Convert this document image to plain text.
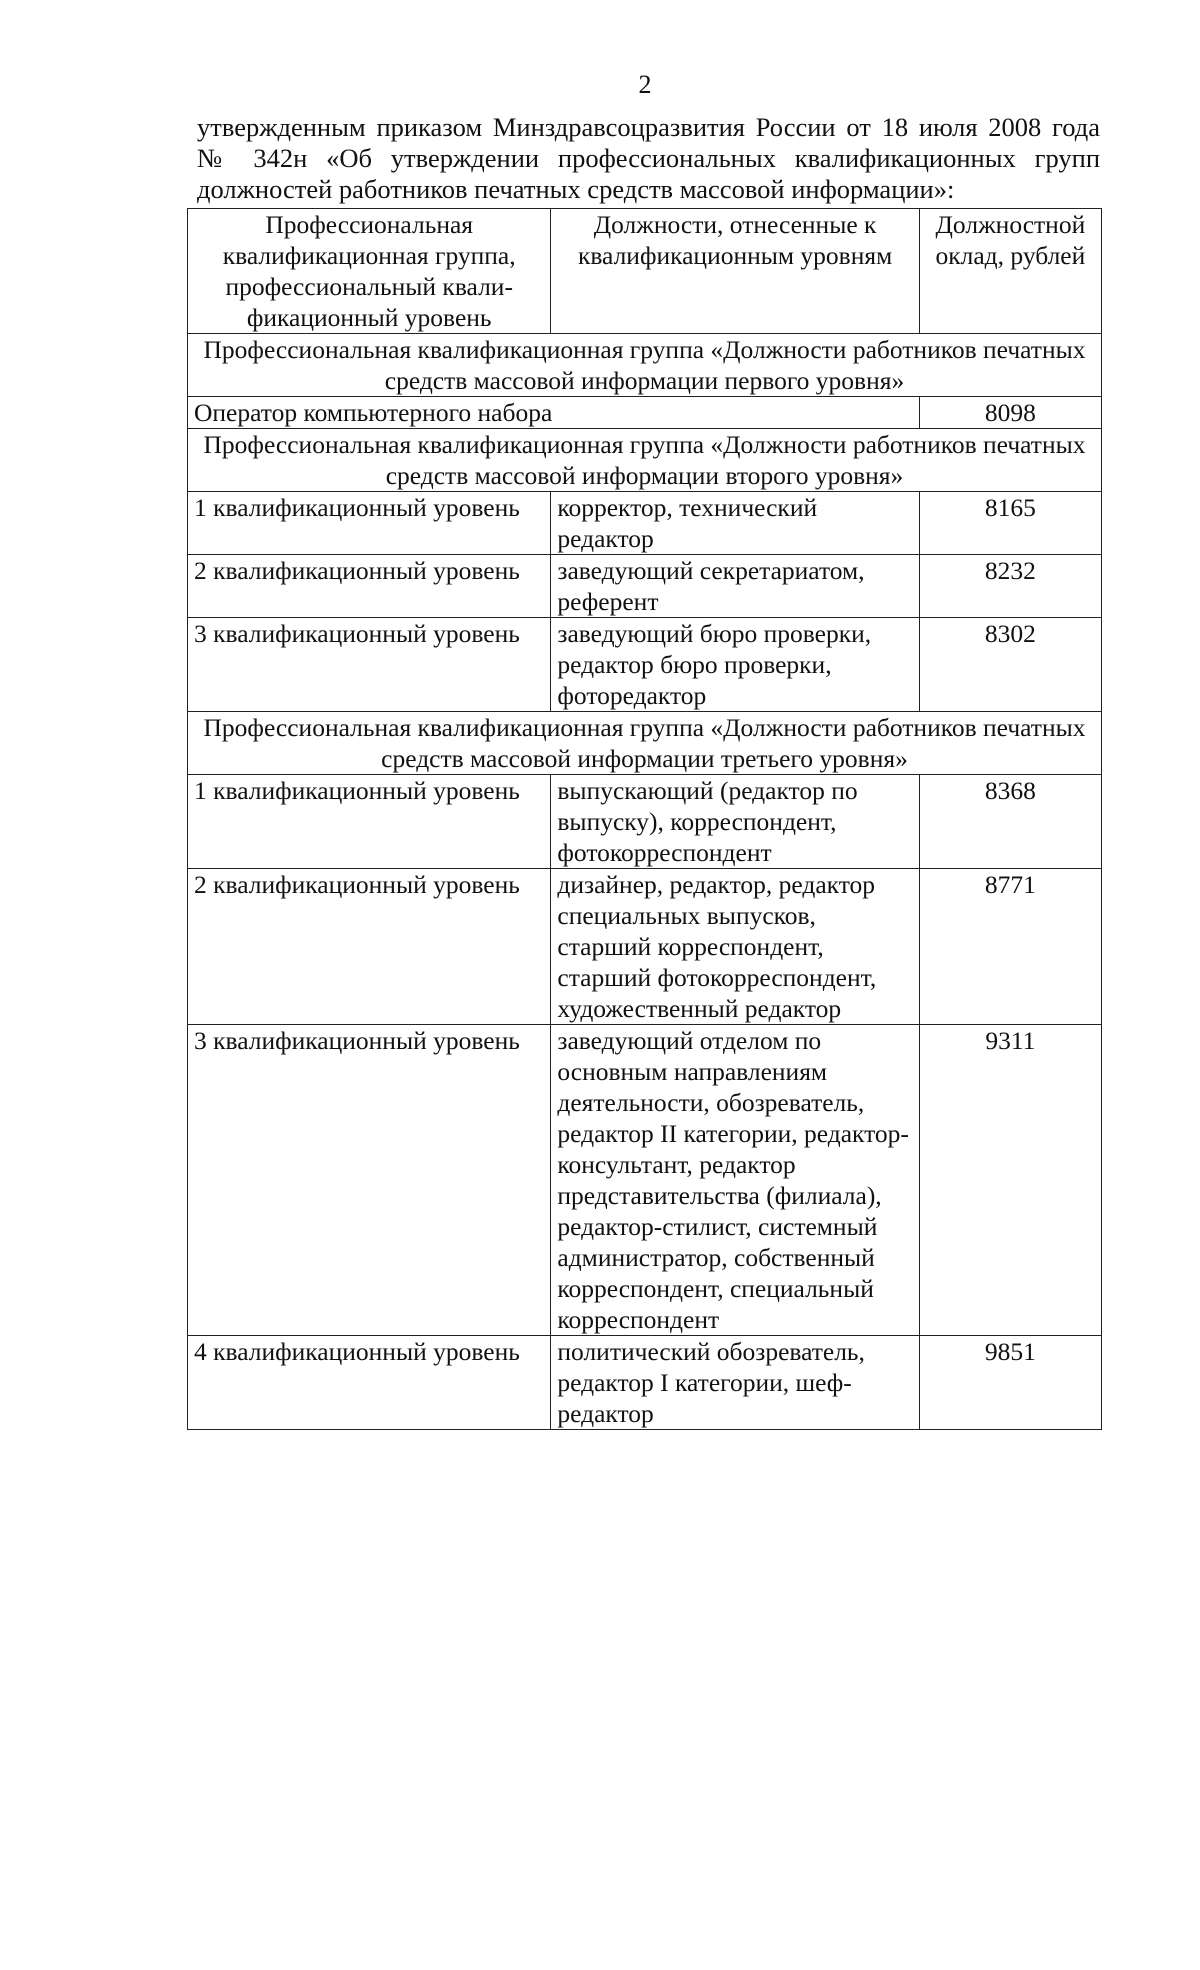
2
утвержденным приказом Минздравсоцразвития России от 18 июля 2008 года
№ 342н «Об утверждении профессиональных квалификационных групп
должностей работников печатных средств массовой информации»:
Профессиональная квалификационная группа, профессиональный квали-фикационный уровень	Должности, отнесенные к квалификационным уровням	Должностной оклад, рублей
Профессиональная квалификационная группа «Должности работников печатных средств массовой информации первого уровня»		
Оператор компьютерного набора		8098
Профессиональная квалификационная группа «Должности работников печатных средств массовой информации второго уровня»		
1 квалификационный уровень	корректор, технический редактор	8165
2 квалификационный уровень	заведующий секретариатом, референт	8232
3 квалификационный уровень	заведующий бюро проверки, редактор бюро проверки, фоторедактор	8302
Профессиональная квалификационная группа «Должности работников печатных средств массовой информации третьего уровня»		
1 квалификационный уровень	выпускающий (редактор по выпуску), корреспондент, фотокорреспондент	8368
2 квалификационный уровень	дизайнер, редактор, редактор специальных выпусков, старший корреспондент, старший фотокорреспондент, художественный редактор	8771
3 квалификационный уровень	заведующий отделом по основным направлениям деятельности, обозреватель, редактор II категории, редактор-консультант, редактор представительства (филиала), редактор-стилист, системный администратор, собственный корреспондент, специальный корреспондент	9311
4 квалификационный уровень	политический обозреватель, редактор I категории, шеф-редактор	9851
